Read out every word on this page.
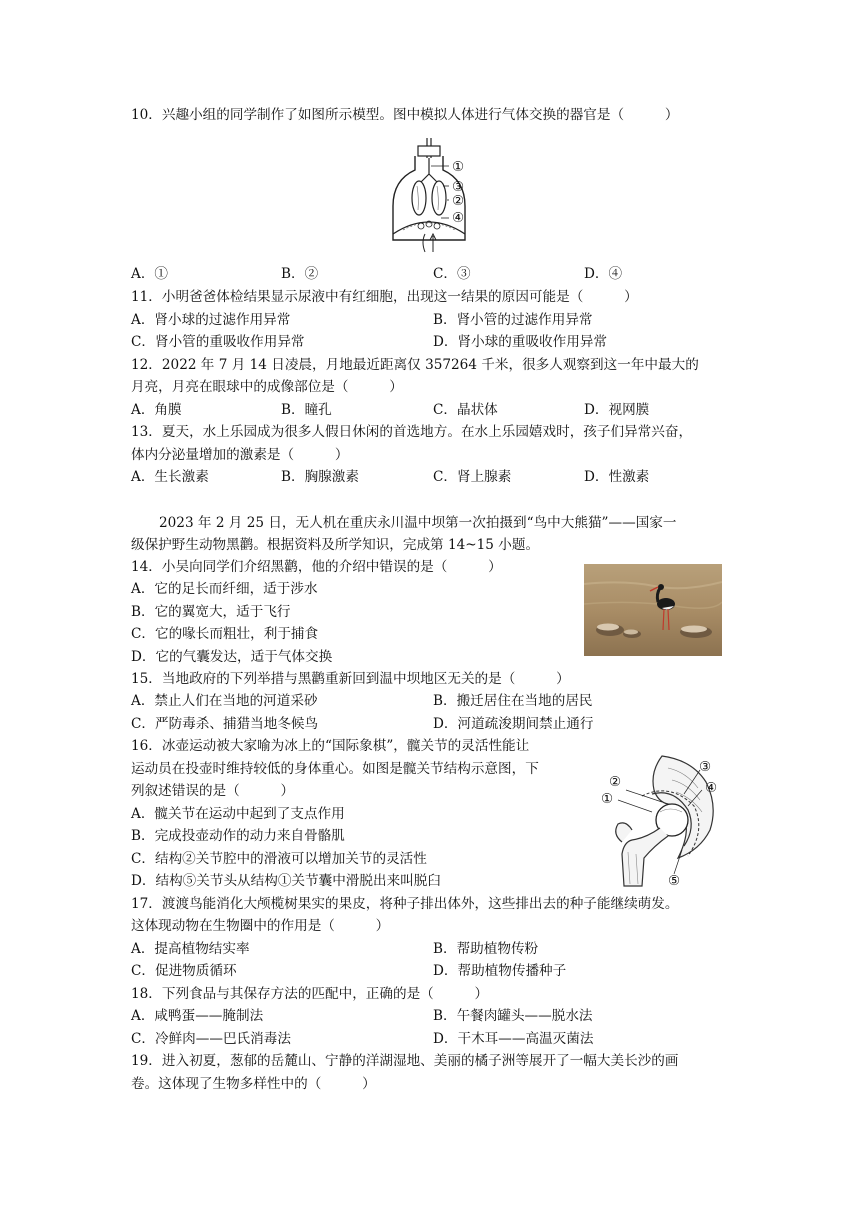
10．兴趣小组的同学制作了如图所示模型。图中模拟人体进行气体交换的器官是（　　　）
①
③
②
④
A．①	B．②	C．③	D．④
11．小明爸爸体检结果显示尿液中有红细胞，出现这一结果的原因可能是（　　　）
A．肾小球的过滤作用异常	B．肾小管的过滤作用异常
C．肾小管的重吸收作用异常	D．肾小球的重吸收作用异常
12．2022 年 7 月 14 日凌晨，月地最近距离仅 357264 千米，很多人观察到这一年中最大的
月亮，月亮在眼球中的成像部位是（　　　）
A．角膜	B．瞳孔	C．晶状体	D．视网膜
13．夏天，水上乐园成为很多人假日休闲的首选地方。在水上乐园嬉戏时，孩子们异常兴奋，
体内分泌量增加的激素是（　　　）
A．生长激素	B．胸腺激素	C．肾上腺素	D．性激素
2023 年 2 月 25 日，无人机在重庆永川温中坝第一次拍摄到“鸟中大熊猫”——国家一
级保护野生动物黑鹳。根据资料及所学知识，完成第 14~15 小题。
14．小吴向同学们介绍黑鹳，他的介绍中错误的是（　　　）
A．它的足长而纤细，适于涉水
B．它的翼宽大，适于飞行
C．它的喙长而粗壮，利于捕食
D．它的气囊发达，适于气体交换
15．当地政府的下列举措与黑鹳重新回到温中坝地区无关的是（　　　）
A．禁止人们在当地的河道采砂	B．搬迁居住在当地的居民
C．严防毒杀、捕猎当地冬候鸟	D．河道疏浚期间禁止通行
16．冰壶运动被大家喻为冰上的“国际象棋”，髋关节的灵活性能让
运动员在投壶时维持较低的身体重心。如图是髋关节结构示意图，下
列叙述错误的是（　　　）
A．髋关节在运动中起到了支点作用
B．完成投壶动作的动力来自骨骼肌
C．结构②关节腔中的滑液可以增加关节的灵活性
D．结构⑤关节头从结构①关节囊中滑脱出来叫脱臼
③
②	④
①
⑤
17．渡渡鸟能消化大颅榄树果实的果皮，将种子排出体外，这些排出去的种子能继续萌发。
这体现动物在生物圈中的作用是（　　　）
A．提高植物结实率	B．帮助植物传粉
C．促进物质循环	D．帮助植物传播种子
18．下列食品与其保存方法的匹配中，正确的是（　　　）
A．咸鸭蛋——腌制法	B．午餐肉罐头——脱水法
C．冷鲜肉——巴氏消毒法	D．干木耳——高温灭菌法
19．进入初夏，葱郁的岳麓山、宁静的洋湖湿地、美丽的橘子洲等展开了一幅大美长沙的画
卷。这体现了生物多样性中的（　　　）
